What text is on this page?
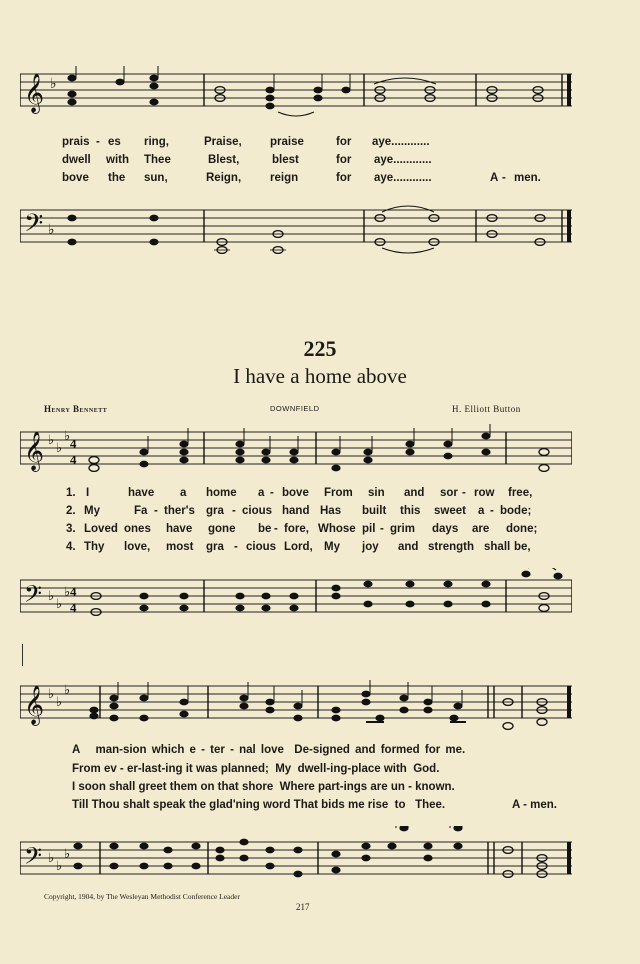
𝄞 ♭
prais - es ring,	Praise, praise	for aye............
dwell with Thee	Blest,	blest	for aye............
bove the sun,	Reign,	reign	for aye............	A - men.
𝄢 ♭
225
I have a home above
Henry Bennett	DOWNFIELD	H. Elliott Button
𝄞 ♭
♭
♭
4
4
1. I	have a home a - bove From sin and sor - row free,
2. My	Fa - ther's gra - cious hand Has built this sweet a - bode;
3. Loved ones have gone be - fore, Whose pil - grim days are done;
4. Thy love, most gra - cious Lord, My joy and strength shall be,
𝄢 ♭
♭
♭ 4
4
𝄞 ♭
♭
♭
A   man-sion which e - ter - nal love  De-signed and formed for me.
From ev - er-last-ing it was planned;  My  dwell-ing-place with  God.
I soon shall greet them on that shore  Where part-ings are un - known.
Till Thou shalt speak the glad'ning word That bids me rise  to   Thee.	A - men.
𝄢 ♭
♭
♭
Copyright, 1904, by The Wesleyan Methodist Conference Leader
217
